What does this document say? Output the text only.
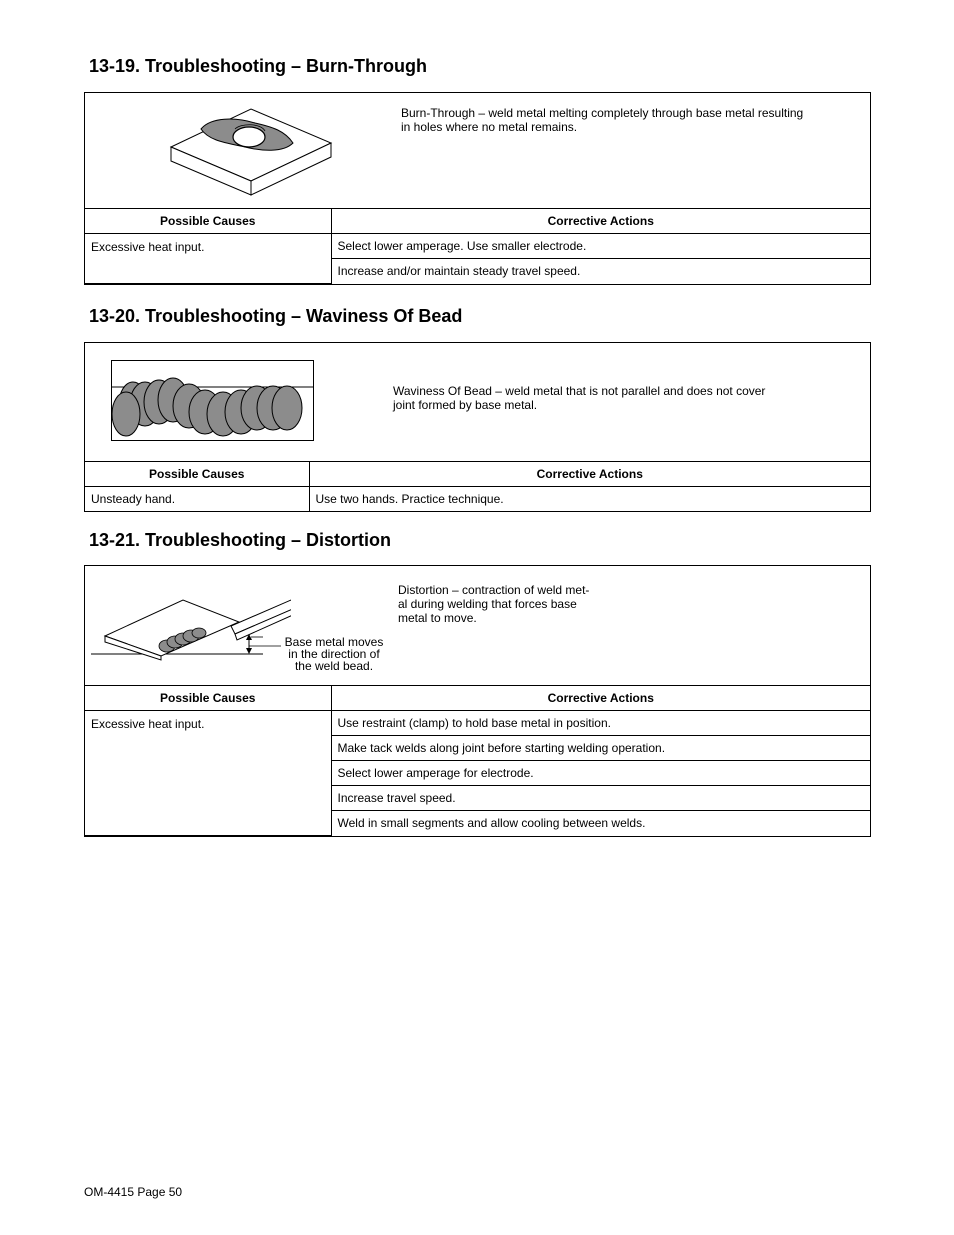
13-19. Troubleshooting – Burn-Through
Burn-Through – weld metal melting completely through base metal resulting
in holes where no metal remains.
Possible Causes	Corrective Actions
Excessive heat input.	Select lower amperage. Use smaller electrode.
	Increase and/or maintain steady travel speed.
13-20. Troubleshooting – Waviness Of Bead
Waviness Of Bead – weld metal that is not parallel and does not cover
joint formed by base metal.
Possible Causes	Corrective Actions
Unsteady hand.	Use two hands. Practice technique.
13-21. Troubleshooting – Distortion
Base metal moves
in the direction of
the weld bead.
Distortion – contraction of weld met-
al during welding that forces base
metal to move.
Possible Causes	Corrective Actions
Excessive heat input.	Use restraint (clamp) to hold base metal in position.
	Make tack welds along joint before starting welding operation.
	Select lower amperage for electrode.
	Increase travel speed.
	Weld in small segments and allow cooling between welds.
OM-4415 Page 50
